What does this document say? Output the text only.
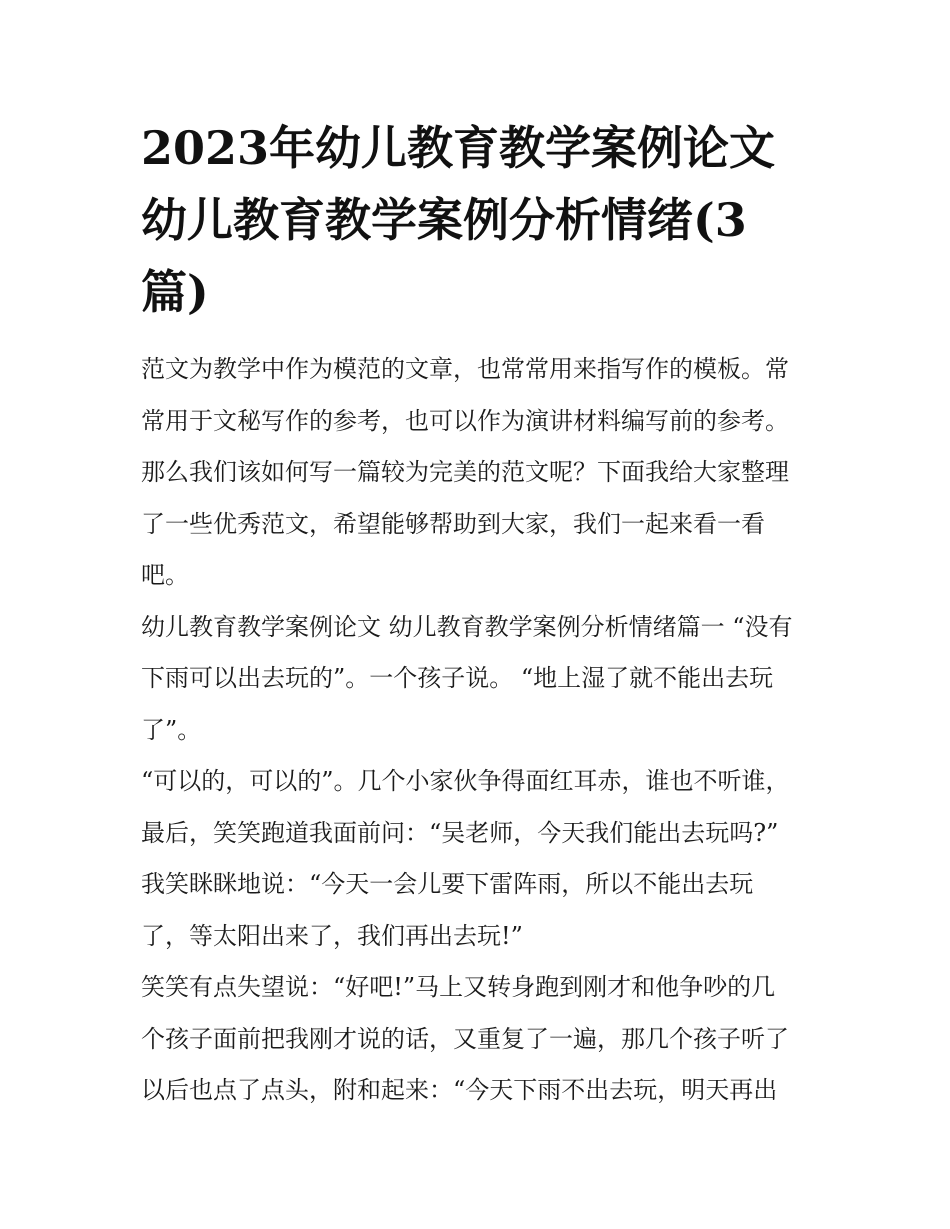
2023年幼儿教育教学案例论文
幼儿教育教学案例分析情绪(3
篇)

范文为教学中作为模范的文章，也常常用来指写作的模板。常
常用于文秘写作的参考，也可以作为演讲材料编写前的参考。
那么我们该如何写一篇较为完美的范文呢？下面我给大家整理
了一些优秀范文，希望能够帮助到大家，我们一起来看一看
吧。

幼儿教育教学案例论文 幼儿教育教学案例分析情绪篇一 “没有
下雨可以出去玩的”。一个孩子说。 “地上湿了就不能出去玩
了”。

“可以的，可以的”。几个小家伙争得面红耳赤，谁也不听谁，
最后，笑笑跑道我面前问：“吴老师，今天我们能出去玩吗?”
我笑眯眯地说：“今天一会儿要下雷阵雨，所以不能出去玩
了，等太阳出来了，我们再出去玩!”

笑笑有点失望说：“好吧!”马上又转身跑到刚才和他争吵的几
个孩子面前把我刚才说的话，又重复了一遍，那几个孩子听了
以后也点了点头，附和起来：“今天下雨不出去玩，明天再出
